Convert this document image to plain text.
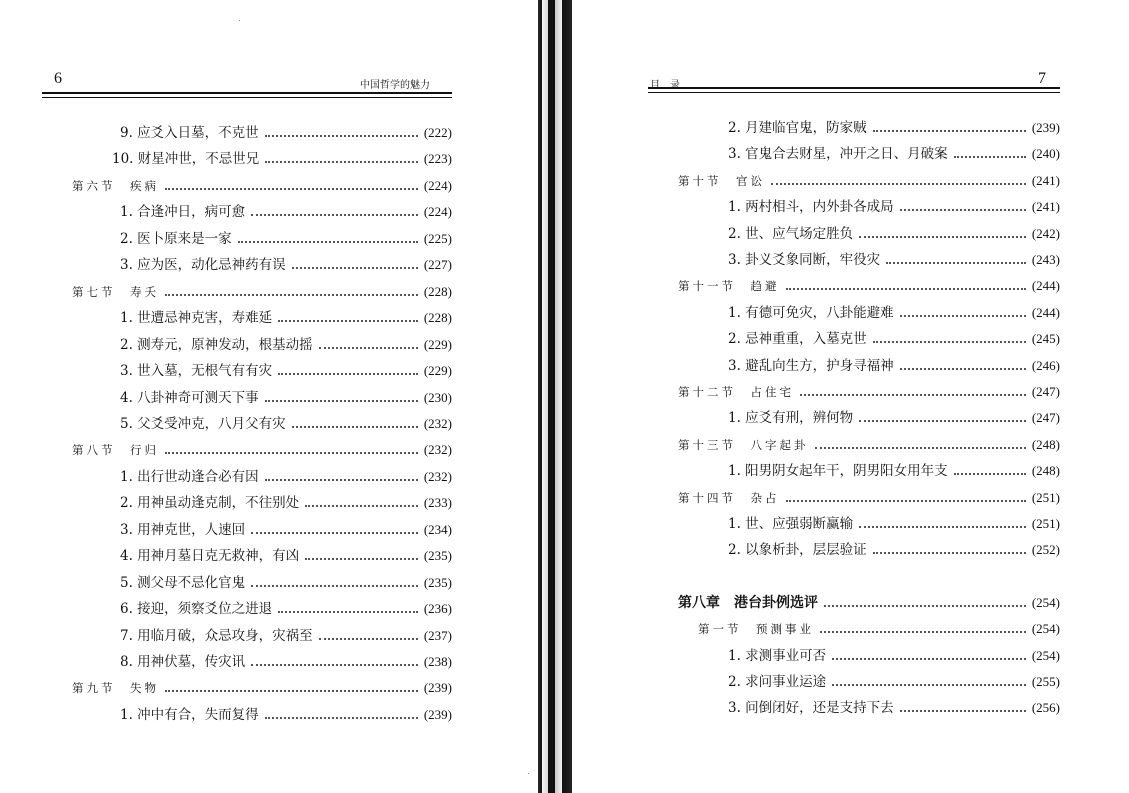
6	中国哲学的魅力
9. 应爻入日墓，不克世	(222)
10. 财星冲世，不忌世兄	(223)
第六节　疾病	(224)
1. 合逢冲日，病可愈	(224)
2. 医卜原来是一家	(225)
3. 应为医，动化忌神药有误	(227)
第七节　寿夭	(228)
1. 世遭忌神克害，寿难延	(228)
2. 测寿元，原神发动，根基动摇	(229)
3. 世入墓，无根气有有灾	(229)
4. 八卦神奇可测天下事	(230)
5. 父爻受冲克，八月父有灾	(232)
第八节　行归	(232)
1. 出行世动逢合必有因	(232)
2. 用神虽动逢克制，不往别处	(233)
3. 用神克世，人速回	(234)
4. 用神月墓日克无救神，有凶	(235)
5. 测父母不忌化官鬼	(235)
6. 接迎，须察爻位之进退	(236)
7. 用临月破，众忌攻身，灾祸至	(237)
8. 用神伏墓，传灾讯	(238)
第九节　失物	(239)
1. 冲中有合，失而复得	(239)
目　录	7
2. 月建临官鬼，防家贼	(239)
3. 官鬼合去财星，冲开之日、月破案	(240)
第十节　官讼	(241)
1. 两村相斗，内外卦各成局	(241)
2. 世、应气场定胜负	(242)
3. 卦义爻象同断，牢役灾	(243)
第十一节　趋避	(244)
1. 有德可免灾，八卦能避难	(244)
2. 忌神重重，入墓克世	(245)
3. 避乱向生方，护身寻福神	(246)
第十二节　占住宅	(247)
1. 应爻有刑，辨何物	(247)
第十三节　八字起卦	(248)
1. 阳男阴女起年干，阴男阳女用年支	(248)
第十四节　杂占	(251)
1. 世、应强弱断赢输	(251)
2. 以象析卦，层层验证	(252)
第八章　港台卦例选评	(254)
第一节　预测事业	(254)
1. 求测事业可否	(254)
2. 求问事业运途	(255)
3. 问倒闭好，还是支持下去	(256)
